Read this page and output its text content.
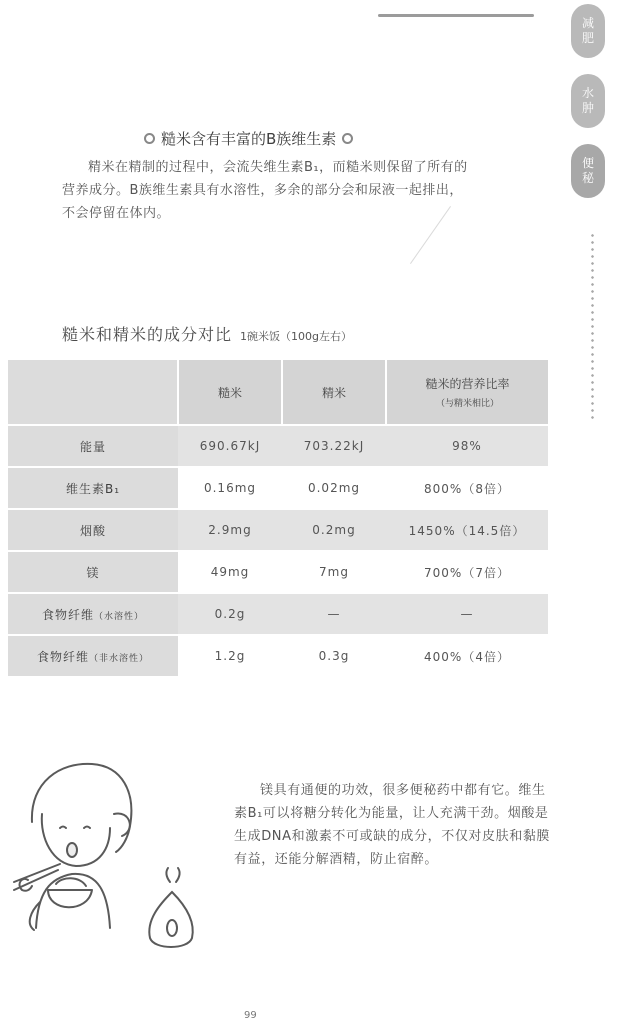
减肥
水肿
便秘
糙米含有丰富的B族维生素
精米在精制的过程中，会流失维生素B₁，而糙米则保留了所有的营养成分。B族维生素具有水溶性，多余的部分会和尿液一起排出，不会停留在体内。
糙米和精米的成分对比 1碗米饭（100g左右）
	糙米	精米	糙米的营养比率
（与精米相比）

能量	690.67kJ	703.22kJ	98%
维生素B₁	0.16mg	0.02mg	800%（8倍）
烟酸	2.9mg	0.2mg	1450%（14.5倍）
镁	49mg	7mg	700%（7倍）
食物纤维（水溶性）	0.2g	—	—
食物纤维（非水溶性）	1.2g	0.3g	400%（4倍）
镁具有通便的功效，很多便秘药中都有它。维生素B₁可以将糖分转化为能量，让人充满干劲。烟酸是生成DNA和激素不可或缺的成分，不仅对皮肤和黏膜有益，还能分解酒精，防止宿醉。
99
